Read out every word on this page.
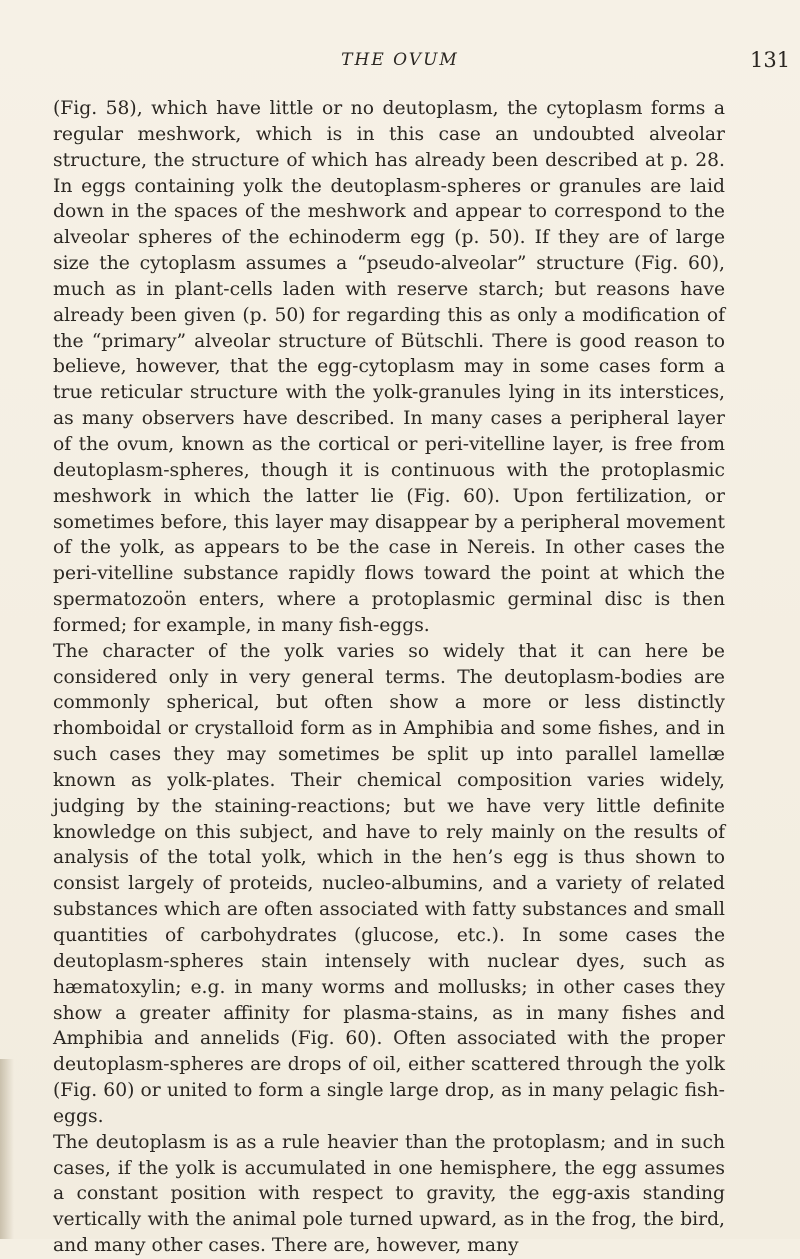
THE OVUM	131

(Fig. 58), which have little or no deutoplasm, the cytoplasm forms a regular meshwork, which is in this case an undoubted alveolar structure, the structure of which has already been described at p. 28. In eggs containing yolk the deutoplasm-spheres or granules are laid down in the spaces of the meshwork and appear to correspond to the alveolar spheres of the echinoderm egg (p. 50). If they are of large size the cytoplasm assumes a “pseudo-alveolar” structure (Fig. 60), much as in plant-cells laden with reserve starch; but reasons have already been given (p. 50) for regarding this as only a modification of the “primary” alveolar structure of Bütschli. There is good reason to believe, however, that the egg-cytoplasm may in some cases form a true reticular structure with the yolk-granules lying in its interstices, as many observers have described. In many cases a peripheral layer of the ovum, known as the cortical or peri-vitelline layer, is free from deutoplasm-spheres, though it is continuous with the protoplasmic meshwork in which the latter lie (Fig. 60). Upon fertilization, or sometimes before, this layer may disappear by a peripheral movement of the yolk, as appears to be the case in Nereis. In other cases the peri-vitelline substance rapidly flows toward the point at which the spermatozoön enters, where a protoplasmic germinal disc is then formed; for example, in many fish-eggs.

The character of the yolk varies so widely that it can here be considered only in very general terms. The deutoplasm-bodies are commonly spherical, but often show a more or less distinctly rhomboidal or crystalloid form as in Amphibia and some fishes, and in such cases they may sometimes be split up into parallel lamellæ known as yolk-plates. Their chemical composition varies widely, judging by the staining-reactions; but we have very little definite knowledge on this subject, and have to rely mainly on the results of analysis of the total yolk, which in the hen’s egg is thus shown to consist largely of proteids, nucleo-albumins, and a variety of related substances which are often associated with fatty substances and small quantities of carbohydrates (glucose, etc.). In some cases the deutoplasm-spheres stain intensely with nuclear dyes, such as hæmatoxylin; e.g. in many worms and mollusks; in other cases they show a greater affinity for plasma-stains, as in many fishes and Amphibia and annelids (Fig. 60). Often associated with the proper deutoplasm-spheres are drops of oil, either scattered through the yolk (Fig. 60) or united to form a single large drop, as in many pelagic fish-eggs.

The deutoplasm is as a rule heavier than the protoplasm; and in such cases, if the yolk is accumulated in one hemisphere, the egg assumes a constant position with respect to gravity, the egg-axis standing vertically with the animal pole turned upward, as in the frog, the bird, and many other cases. There are, however, many
